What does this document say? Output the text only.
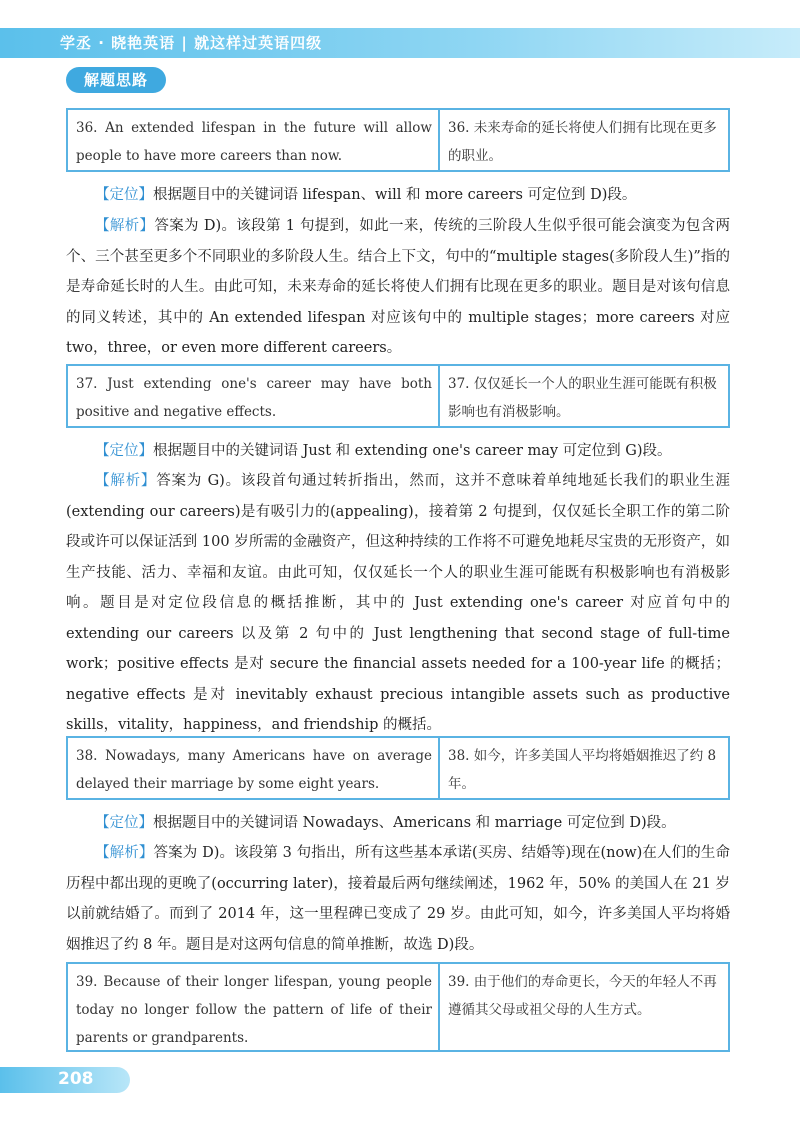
学丞 · 晓艳英语 | 就这样过英语四级
解题思路
36. An extended lifespan in the future will allow people to have more careers than now.
36. 未来寿命的延长将使人们拥有比现在更多的职业。

【定位】根据题目中的关键词语 lifespan、will 和 more careers 可定位到 D)段。

【解析】答案为 D)。该段第 1 句提到，如此一来，传统的三阶段人生似乎很可能会演变为包含两个、三个甚至更多个不同职业的多阶段人生。结合上下文，句中的“multiple stages(多阶段人生)”指的是寿命延长时的人生。由此可知，未来寿命的延长将使人们拥有比现在更多的职业。题目是对该句信息的同义转述，其中的 An extended lifespan 对应该句中的 multiple stages；more careers 对应 two，three，or even more different careers。

37. Just extending one's career may have both positive and negative effects.
37. 仅仅延长一个人的职业生涯可能既有积极影响也有消极影响。

【定位】根据题目中的关键词语 Just 和 extending one's career may 可定位到 G)段。

【解析】答案为 G)。该段首句通过转折指出，然而，这并不意味着单纯地延长我们的职业生涯(extending our careers)是有吸引力的(appealing)，接着第 2 句提到，仅仅延长全职工作的第二阶段或许可以保证活到 100 岁所需的金融资产，但这种持续的工作将不可避免地耗尽宝贵的无形资产，如生产技能、活力、幸福和友谊。由此可知，仅仅延长一个人的职业生涯可能既有积极影响也有消极影响。题目是对定位段信息的概括推断，其中的 Just extending one's career 对应首句中的 extending our careers 以及第 2 句中的 Just lengthening that second stage of full-time work；positive effects 是对 secure the financial assets needed for a 100-year life 的概括；negative effects 是对 inevitably exhaust precious intangible assets such as productive skills，vitality，happiness，and friendship 的概括。

38. Nowadays, many Americans have on average delayed their marriage by some eight years.
38. 如今，许多美国人平均将婚姻推迟了约 8 年。

【定位】根据题目中的关键词语 Nowadays、Americans 和 marriage 可定位到 D)段。

【解析】答案为 D)。该段第 3 句指出，所有这些基本承诺(买房、结婚等)现在(now)在人们的生命历程中都出现的更晚了(occurring later)，接着最后两句继续阐述，1962 年，50% 的美国人在 21 岁以前就结婚了。而到了 2014 年，这一里程碑已变成了 29 岁。由此可知，如今，许多美国人平均将婚姻推迟了约 8 年。题目是对这两句信息的简单推断，故选 D)段。

39. Because of their longer lifespan, young people today no longer follow the pattern of life of their parents or grandparents.
39. 由于他们的寿命更长，今天的年轻人不再遵循其父母或祖父母的人生方式。
208
